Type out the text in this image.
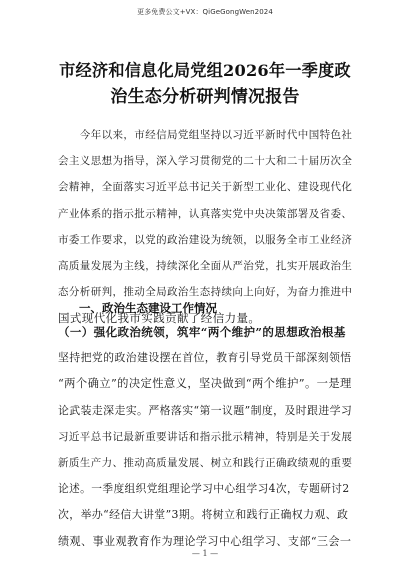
更多免费公文+VX：QiGeGongWen2024
市经济和信息化局党组2026年一季度政
治生态分析研判情况报告
　　今年以来，市经信局党组坚持以习近平新时代中国特色社
会主义思想为指导，深入学习贯彻党的二十大和二十届历次全
会精神，全面落实习近平总书记关于新型工业化、建设现代化
产业体系的指示批示精神，认真落实党中央决策部署及省委、
市委工作要求，以党的政治建设为统领，以服务全市工业经济
高质量发展为主线，持续深化全面从严治党，扎实开展政治生
态分析研判，推动全局政治生态持续向上向好，为奋力推进中
国式现代化我市实践贡献了经信力量。
一、政治生态建设工作情况
（一）强化政治统领，筑牢“两个维护”的思想政治根基
坚持把党的政治建设摆在首位，教育引导党员干部深刻领悟
“两个确立”的决定性意义，坚决做到“两个维护”。一是理
论武装走深走实。严格落实“第一议题”制度，及时跟进学习
习近平总书记最新重要讲话和指示批示精神，特别是关于发展
新质生产力、推动高质量发展、树立和践行正确政绩观的重要
论述。一季度组织党组理论学习中心组学习4次，专题研讨2
次，举办“经信大讲堂”3期。将树立和践行正确权力观、政
绩观、事业观教育作为理论学习中心组学习、支部“三会一
— 1 —
